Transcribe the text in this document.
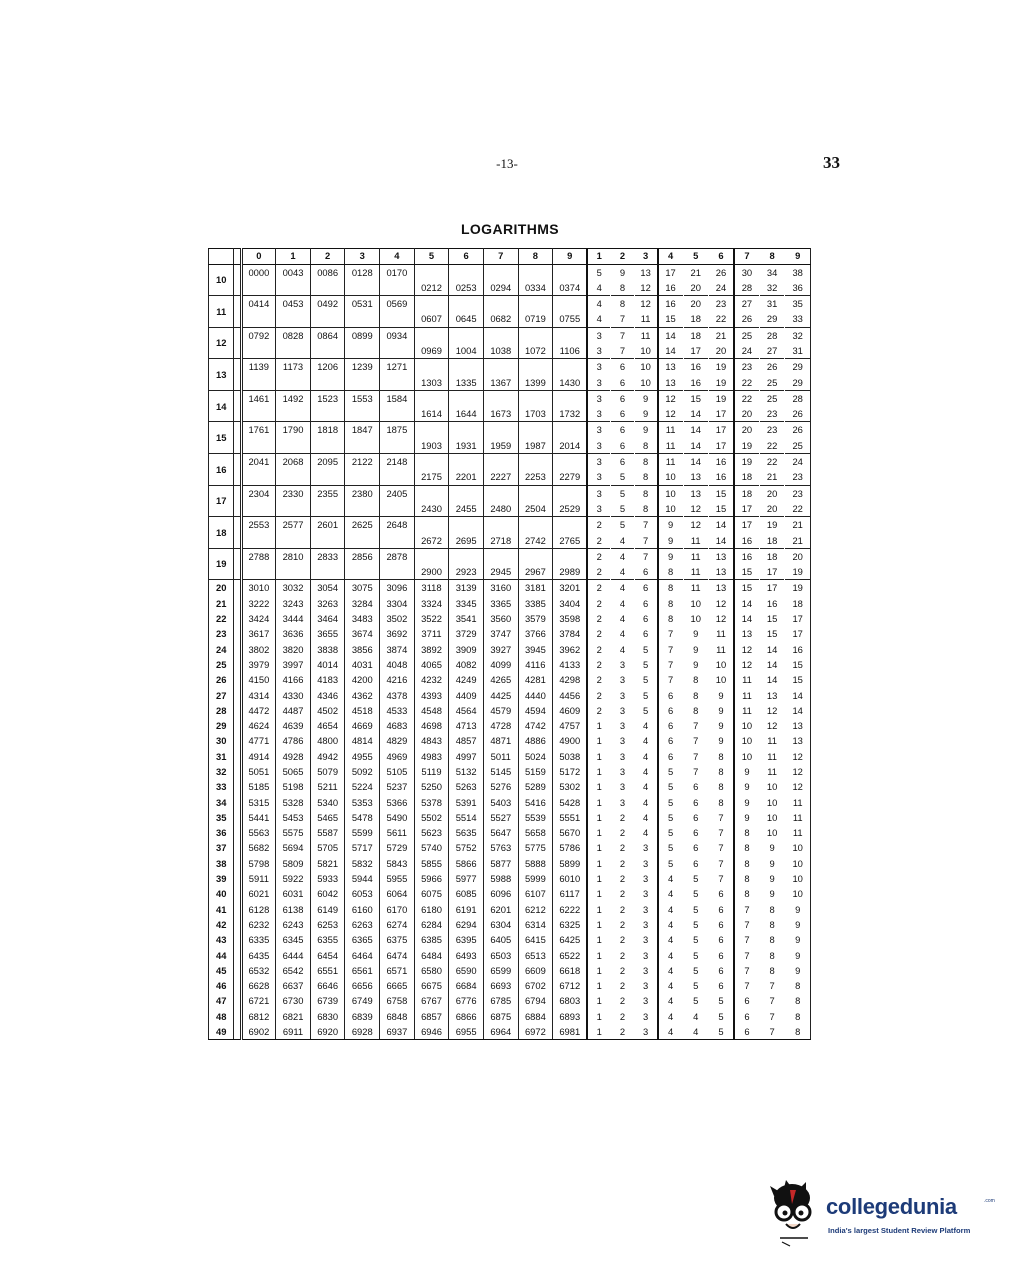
-13-	33
LOGARITHMS
		0	1	2	3	4	5	6	7	8	9	1	2	3	4	5	6	7	8	9
10		0000	0043	0086	0128	0170						5	9	13	17	21	26	30	34	38
							0212	0253	0294	0334	0374	4	8	12	16	20	24	28	32	36
11		0414	0453	0492	0531	0569						4	8	12	16	20	23	27	31	35
							0607	0645	0682	0719	0755	4	7	11	15	18	22	26	29	33
12		0792	0828	0864	0899	0934						3	7	11	14	18	21	25	28	32
							0969	1004	1038	1072	1106	3	7	10	14	17	20	24	27	31
13		1139	1173	1206	1239	1271						3	6	10	13	16	19	23	26	29
							1303	1335	1367	1399	1430	3	6	10	13	16	19	22	25	29
14		1461	1492	1523	1553	1584						3	6	9	12	15	19	22	25	28
							1614	1644	1673	1703	1732	3	6	9	12	14	17	20	23	26
15		1761	1790	1818	1847	1875						3	6	9	11	14	17	20	23	26
							1903	1931	1959	1987	2014	3	6	8	11	14	17	19	22	25
16		2041	2068	2095	2122	2148						3	6	8	11	14	16	19	22	24
							2175	2201	2227	2253	2279	3	5	8	10	13	16	18	21	23
17		2304	2330	2355	2380	2405						3	5	8	10	13	15	18	20	23
							2430	2455	2480	2504	2529	3	5	8	10	12	15	17	20	22
18		2553	2577	2601	2625	2648						2	5	7	9	12	14	17	19	21
							2672	2695	2718	2742	2765	2	4	7	9	11	14	16	18	21
19		2788	2810	2833	2856	2878						2	4	7	9	11	13	16	18	20
							2900	2923	2945	2967	2989	2	4	6	8	11	13	15	17	19
20		3010	3032	3054	3075	3096	3118	3139	3160	3181	3201	2	4	6	8	11	13	15	17	19
21		3222	3243	3263	3284	3304	3324	3345	3365	3385	3404	2	4	6	8	10	12	14	16	18
22		3424	3444	3464	3483	3502	3522	3541	3560	3579	3598	2	4	6	8	10	12	14	15	17
23		3617	3636	3655	3674	3692	3711	3729	3747	3766	3784	2	4	6	7	9	11	13	15	17
24		3802	3820	3838	3856	3874	3892	3909	3927	3945	3962	2	4	5	7	9	11	12	14	16
25		3979	3997	4014	4031	4048	4065	4082	4099	4116	4133	2	3	5	7	9	10	12	14	15
26		4150	4166	4183	4200	4216	4232	4249	4265	4281	4298	2	3	5	7	8	10	11	14	15
27		4314	4330	4346	4362	4378	4393	4409	4425	4440	4456	2	3	5	6	8	9	11	13	14
28		4472	4487	4502	4518	4533	4548	4564	4579	4594	4609	2	3	5	6	8	9	11	12	14
29		4624	4639	4654	4669	4683	4698	4713	4728	4742	4757	1	3	4	6	7	9	10	12	13
30		4771	4786	4800	4814	4829	4843	4857	4871	4886	4900	1	3	4	6	7	9	10	11	13
31		4914	4928	4942	4955	4969	4983	4997	5011	5024	5038	1	3	4	6	7	8	10	11	12
32		5051	5065	5079	5092	5105	5119	5132	5145	5159	5172	1	3	4	5	7	8	9	11	12
33		5185	5198	5211	5224	5237	5250	5263	5276	5289	5302	1	3	4	5	6	8	9	10	12
34		5315	5328	5340	5353	5366	5378	5391	5403	5416	5428	1	3	4	5	6	8	9	10	11
35		5441	5453	5465	5478	5490	5502	5514	5527	5539	5551	1	2	4	5	6	7	9	10	11
36		5563	5575	5587	5599	5611	5623	5635	5647	5658	5670	1	2	4	5	6	7	8	10	11
37		5682	5694	5705	5717	5729	5740	5752	5763	5775	5786	1	2	3	5	6	7	8	9	10
38		5798	5809	5821	5832	5843	5855	5866	5877	5888	5899	1	2	3	5	6	7	8	9	10
39		5911	5922	5933	5944	5955	5966	5977	5988	5999	6010	1	2	3	4	5	7	8	9	10
40		6021	6031	6042	6053	6064	6075	6085	6096	6107	6117	1	2	3	4	5	6	8	9	10
41		6128	6138	6149	6160	6170	6180	6191	6201	6212	6222	1	2	3	4	5	6	7	8	9
42		6232	6243	6253	6263	6274	6284	6294	6304	6314	6325	1	2	3	4	5	6	7	8	9
43		6335	6345	6355	6365	6375	6385	6395	6405	6415	6425	1	2	3	4	5	6	7	8	9
44		6435	6444	6454	6464	6474	6484	6493	6503	6513	6522	1	2	3	4	5	6	7	8	9
45		6532	6542	6551	6561	6571	6580	6590	6599	6609	6618	1	2	3	4	5	6	7	8	9
46		6628	6637	6646	6656	6665	6675	6684	6693	6702	6712	1	2	3	4	5	6	7	7	8
47		6721	6730	6739	6749	6758	6767	6776	6785	6794	6803	1	2	3	4	5	5	6	7	8
48		6812	6821	6830	6839	6848	6857	6866	6875	6884	6893	1	2	3	4	4	5	6	7	8
49		6902	6911	6920	6928	6937	6946	6955	6964	6972	6981	1	2	3	4	4	5	6	7	8
collegedunia	.com
India's largest Student Review Platform
